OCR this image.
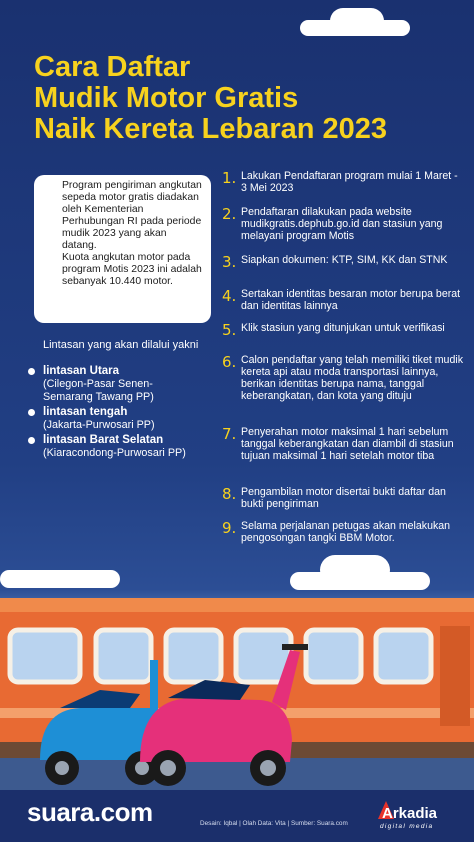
Cara Daftar
Mudik Motor Gratis
Naik Kereta Lebaran 2023

Program pengiriman angkutan sepeda motor gratis diadakan oleh Kementerian Perhubungan RI pada periode mudik 2023 yang akan datang.

Kuota angkutan motor pada program Motis 2023 ini adalah sebanyak 10.440 motor.

Lintasan yang akan dilalui yakni
lintasan Utara
(Cilegon-Pasar Senen-
Semarang Tawang PP)
lintasan tengah
(Jakarta-Purwosari PP)
lintasan Barat Selatan
(Kiaracondong-Purwosari PP)
1. Lakukan Pendaftaran program mulai 1 Maret - 3 Mei 2023
2. Pendaftaran dilakukan pada website mudikgratis.dephub.go.id dan stasiun yang melayani program Motis
3. Siapkan dokumen: KTP, SIM, KK dan STNK
4. Sertakan identitas besaran motor berupa berat dan identitas lainnya
5. Klik stasiun yang ditunjukan untuk verifikasi
6. Calon pendaftar yang telah memiliki tiket mudik kereta api atau moda transportasi lainnya, berikan identitas berupa nama, tanggal keberangkatan, dan kota yang dituju
7. Penyerahan motor maksimal 1 hari sebelum tanggal keberangkatan dan diambil di stasiun tujuan maksimal 1 hari setelah motor tiba
8. Pengambilan motor disertai bukti daftar dan bukti pengiriman
9. Selama perjalanan petugas akan melakukan pengosongan tangki BBM Motor.
suara.com	Desain: Iqbal | Olah Data: Vita | Sumber: Suara.com
Arkadia
digital media
